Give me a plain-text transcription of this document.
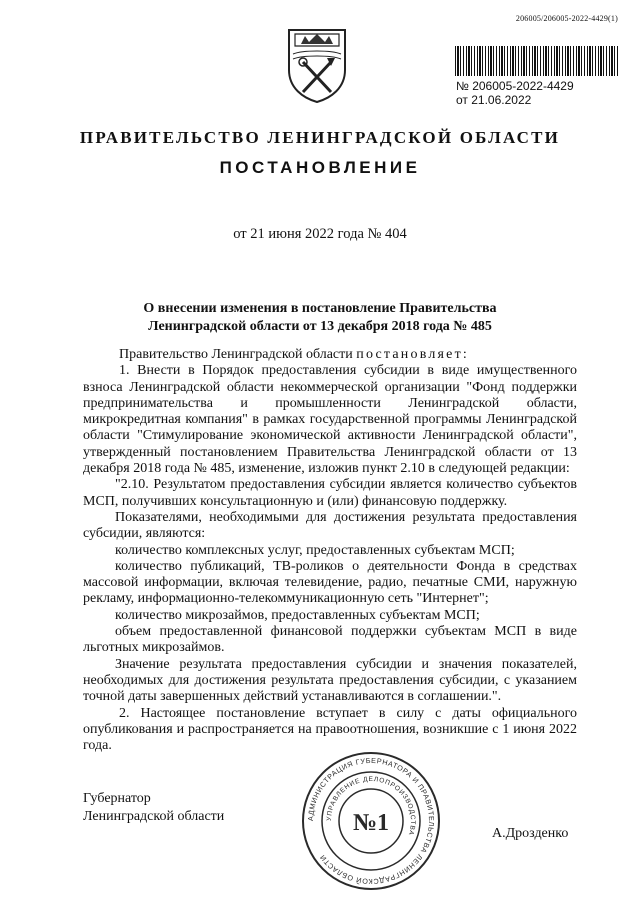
206005/206005-2022-4429(1)
№ 206005-2022-4429
от 21.06.2022
ПРАВИТЕЛЬСТВО ЛЕНИНГРАДСКОЙ ОБЛАСТИ
ПОСТАНОВЛЕНИЕ
от 21 июня 2022 года № 404
О внесении изменения в постановление Правительства
Ленинградской области от 13 декабря 2018 года № 485

Правительство Ленинградской области постановляет:

1. Внести в Порядок предоставления субсидии в виде имущественного взноса Ленинградской области некоммерческой организации "Фонд поддержки предпринимательства и промышленности Ленинградской области, микрокредитная компания" в рамках государственной программы Ленинградской области "Стимулирование экономической активности Ленинградской области", утвержденный постановлением Правительства Ленинградской области от 13 декабря 2018 года № 485, изменение, изложив пункт 2.10 в следующей редакции:

"2.10. Результатом предоставления субсидии является количество субъектов МСП, получивших консультационную и (или) финансовую поддержку.

Показателями, необходимыми для достижения результата предоставления субсидии, являются:

количество комплексных услуг, предоставленных субъектам МСП;

количество публикаций, ТВ-роликов о деятельности Фонда в средствах массовой информации, включая телевидение, радио, печатные СМИ, наружную рекламу, информационно-телекоммуникационную сеть "Интернет";

количество микрозаймов, предоставленных субъектам МСП;

объем предоставленной финансовой поддержки субъектам МСП в виде льготных микрозаймов.

Значение результата предоставления субсидии и значения показателей, необходимых для достижения результата предоставления субсидии, с указанием точной даты завершенных действий устанавливаются в соглашении.".

2. Настоящее постановление вступает в силу с даты официального опубликования и распространяется на правоотношения, возникшие с 1 июня 2022 года.

Губернатор
Ленинградской области
А.Дрозденко
АДМИНИСТРАЦИЯ ГУБЕРНАТОРА И ПРАВИТЕЛЬСТВА ЛЕНИНГРАДСКОЙ ОБЛАСТИ
УПРАВЛЕНИЕ ДЕЛОПРОИЗВОДСТВА
№1
